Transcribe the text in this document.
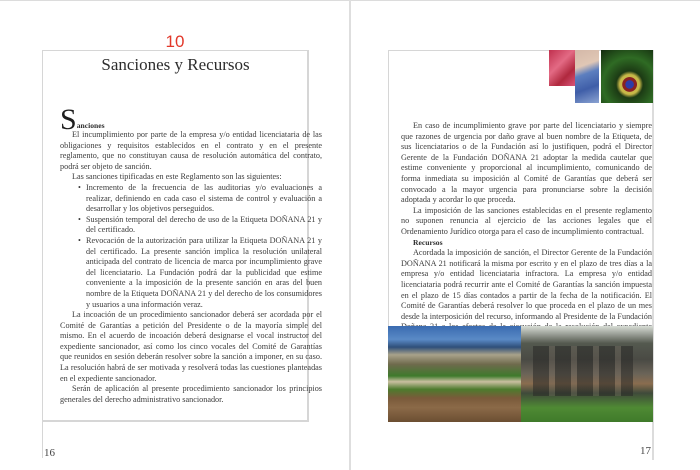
10
Sanciones y Recursos
Sanciones

El incumplimiento por parte de la empresa y/o entidad licenciataria de las obligaciones y requisitos establecidos en el contrato y en el presente reglamento, que no constituyan causa de resolución automática del contrato, podrá ser objeto de sanción.

Las sanciones tipificadas en este Reglamento son las siguientes:

• Incremento de la frecuencia de las auditorias y/o evaluaciones a realizar, definiendo en cada caso el sistema de control y evaluación a desarrollar y los objetivos perseguidos.
• Suspensión temporal del derecho de uso de la Etiqueta DOÑANA 21 y del certificado.
• Revocación de la autorización para utilizar la Etiqueta DOÑANA 21 y del certificado. La presente sanción implica la resolución unilateral anticipada del contrato de licencia de marca por incumplimiento grave del licenciatario. La Fundación podrá dar la publicidad que estime conveniente a la imposición de la presente sanción en aras del buen nombre de la Etiqueta DOÑANA 21 y del derecho de los consumidores y usuarios a una información veraz.

La incoación de un procedimiento sancionador deberá ser acordada por el Comité de Garantías a petición del Presidente o de la mayoría simple del mismo. En el acuerdo de incoación deberá designarse el vocal instructor del expediente sancionador, así como los cinco vocales del Comité de Garantías que reunidos en sesión deberán resolver sobre la sanción a imponer, en su caso. La resolución habrá de ser motivada y resolverá todas las cuestiones planteadas en el expediente sancionador.

Serán de aplicación al presente procedimiento sancionador los principios generales del derecho administrativo sancionador.

16

En caso de incumplimiento grave por parte del licenciatario y siempre que razones de urgencia por daño grave al buen nombre de la Etiqueta, de sus licenciatarios o de la Fundación así lo justifiquen, podrá el Director Gerente de la Fundación DOÑANA 21 adoptar la medida cautelar que estime conveniente y proporcional al incumplimiento, comunicando de forma inmediata su imposición al Comité de Garantías que deberá ser convocado a la mayor urgencia para pronunciarse sobre la decisión adoptada y acordar lo que proceda.

La imposición de las sanciones establecidas en el presente reglamento no suponen renuncia al ejercicio de las acciones legales que el Ordenamiento Jurídico otorga para el caso de incumplimiento contractual.

Recursos

Acordada la imposición de sanción, el Director Gerente de la Fundación DOÑANA 21 notificará la misma por escrito y en el plazo de tres días a la empresa y/o entidad licenciataria infractora. La empresa y/o entidad licenciataria podrá recurrir ante el Comité de Garantías la sanción impuesta en el plazo de 15 días contados a partir de la fecha de la notificación. El Comité de Garantías deberá resolver lo que proceda en el plazo de un mes desde la interposición del recurso, informando al Presidente de la Fundación

17
